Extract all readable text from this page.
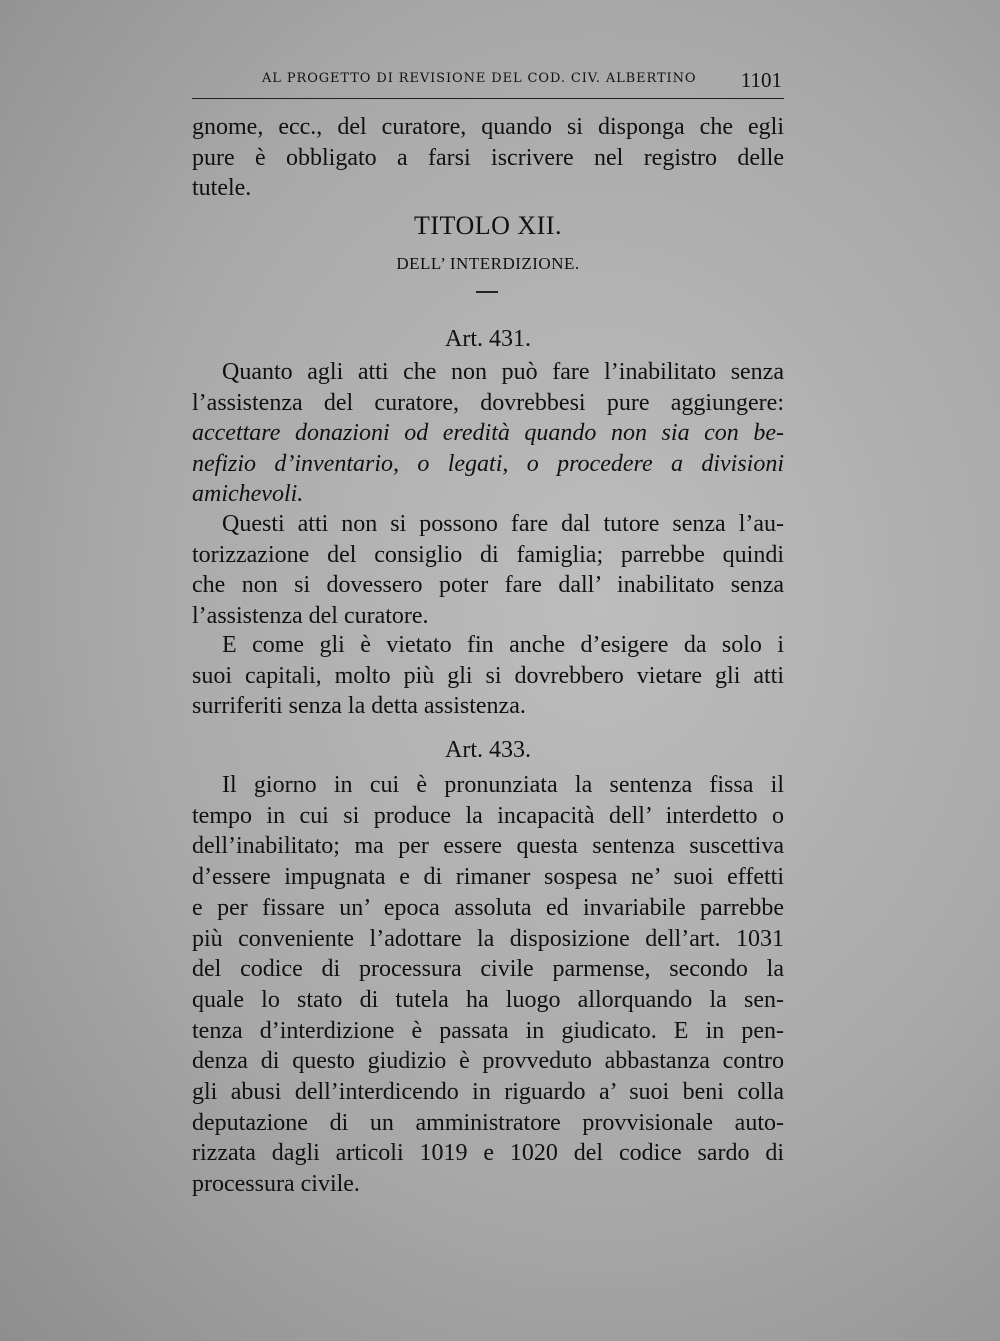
AL PROGETTO DI REVISIONE DEL COD. CIV. ALBERTINO 1101

gnome, ecc., del curatore, quando si disponga che egli
pure è obbligato a farsi iscrivere nel registro delle
tutele.

TITOLO XII.
DELL’ INTERDIZIONE.
Art. 431.

Quanto agli atti che non può fare l’inabilitato senza
l’assistenza del curatore, dovrebbesi pure aggiungere:

accettare donazioni od eredità quando non sia con be-
nefizio d’inventario, o legati, o procedere a divisioni
amichevoli.

Questi atti non si possono fare dal tutore senza l’au-
torizzazione del consiglio di famiglia; parrebbe quindi
che non si dovessero poter fare dall’ inabilitato senza
l’assistenza del curatore.

E come gli è vietato fin anche d’esigere da solo i
suoi capitali, molto più gli si dovrebbero vietare gli atti
surriferiti senza la detta assistenza.

Art. 433.

Il giorno in cui è pronunziata la sentenza fissa il
tempo in cui si produce la incapacità dell’ interdetto o
dell’inabilitato; ma per essere questa sentenza suscettiva
d’essere impugnata e di rimaner sospesa ne’ suoi effetti
e per fissare un’ epoca assoluta ed invariabile parrebbe
più conveniente l’adottare la disposizione dell’art. 1031
del codice di processura civile parmense, secondo la
quale lo stato di tutela ha luogo allorquando la sen-
tenza d’interdizione è passata in giudicato. E in pen-
denza di questo giudizio è provveduto abbastanza contro
gli abusi dell’interdicendo in riguardo a’ suoi beni colla
deputazione di un amministratore provvisionale auto-
rizzata dagli articoli 1019 e 1020 del codice sardo di
processura civile.
